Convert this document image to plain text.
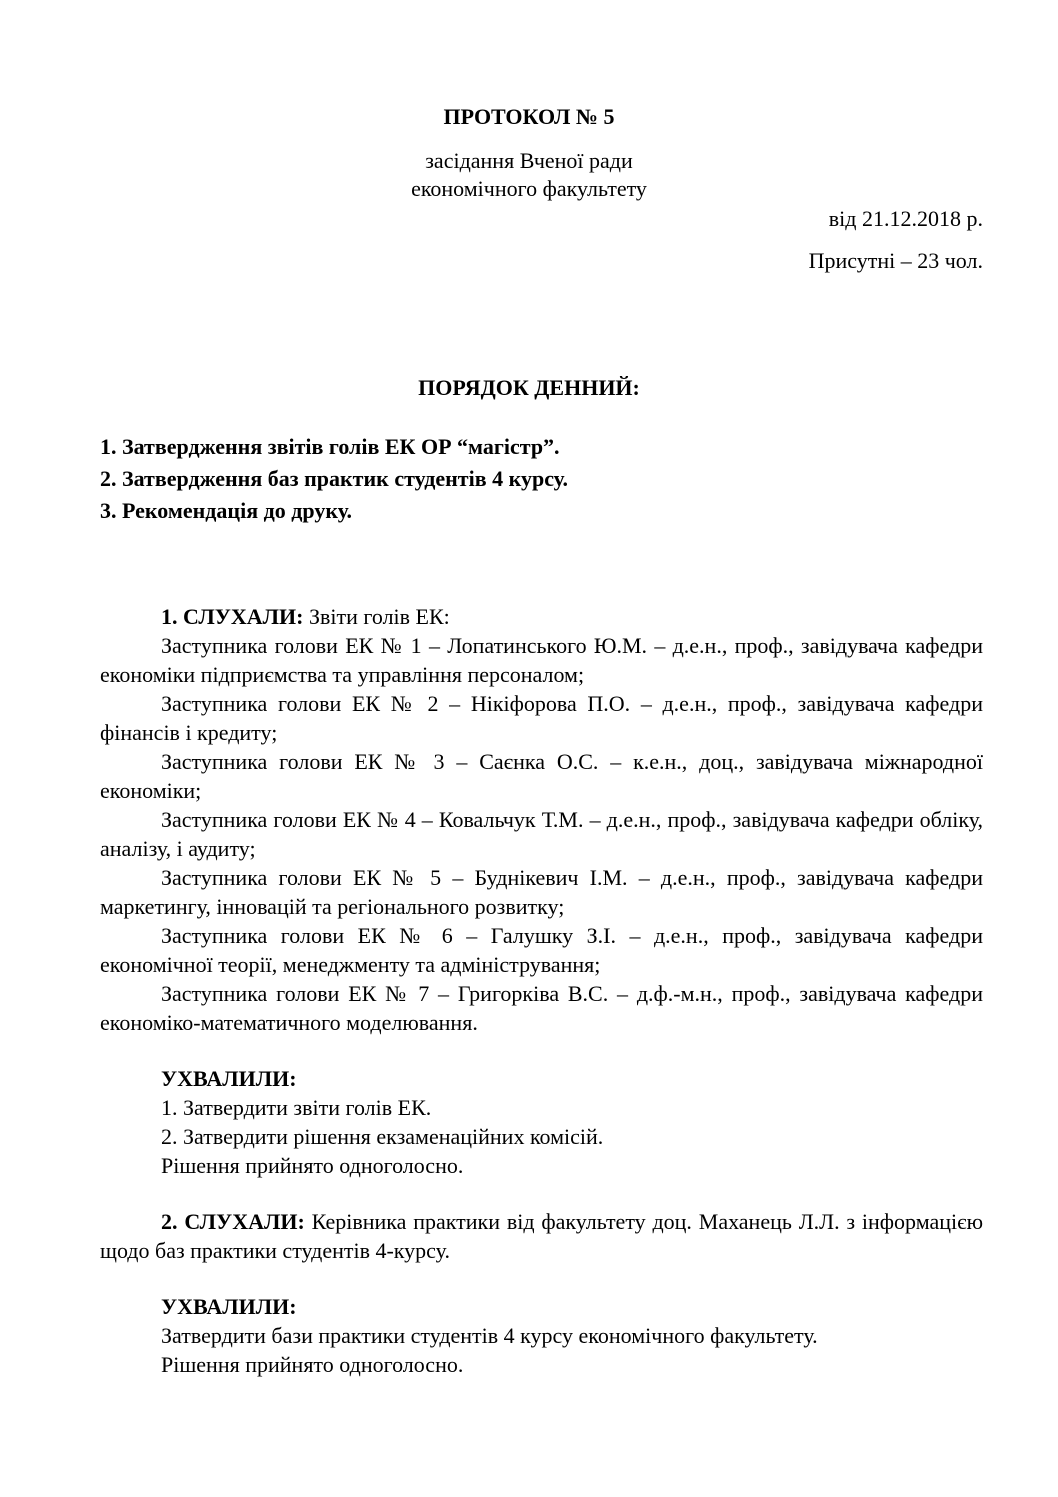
ПРОТОКОЛ № 5
засідання Вченої ради
економічного факультету
від 21.12.2018 р.
Присутні – 23 чол.
ПОРЯДОК ДЕННИЙ:
1. Затвердження звітів голів ЕК ОР “магістр”.
2. Затвердження баз практик студентів 4 курсу.
3. Рекомендація до друку.

1. СЛУХАЛИ: Звіти голів ЕК:

Заступника голови ЕК № 1 – Лопатинського Ю.М. – д.е.н., проф., завідувача кафедри економіки підприємства та управління персоналом;

Заступника голови ЕК № 2 – Нікіфорова П.О. – д.е.н., проф., завідувача кафедри фінансів і кредиту;

Заступника голови ЕК № 3 – Саєнка О.С. – к.е.н., доц., завідувача міжнародної економіки;

Заступника голови ЕК № 4 – Ковальчук Т.М. – д.е.н., проф., завідувача кафедри обліку, аналізу, і аудиту;

Заступника голови ЕК № 5 – Буднікевич І.М. – д.е.н., проф., завідувача кафедри маркетингу, інновацій та регіонального розвитку;

Заступника голови ЕК № 6 – Галушку З.І. – д.е.н., проф., завідувача кафедри економічної теорії, менеджменту та адміністрування;

Заступника голови ЕК № 7 – Григорківа В.С. – д.ф.-м.н., проф., завідувача кафедри економіко-математичного моделювання.

УХВАЛИЛИ:

1. Затвердити звіти голів ЕК.

2. Затвердити рішення екзаменаційних комісій.

Рішення прийнято одноголосно.

2. СЛУХАЛИ: Керівника практики від факультету доц. Маханець Л.Л. з інформацією щодо баз практики студентів 4-курсу.

УХВАЛИЛИ:

Затвердити бази практики студентів 4 курсу економічного факультету.

Рішення прийнято одноголосно.
